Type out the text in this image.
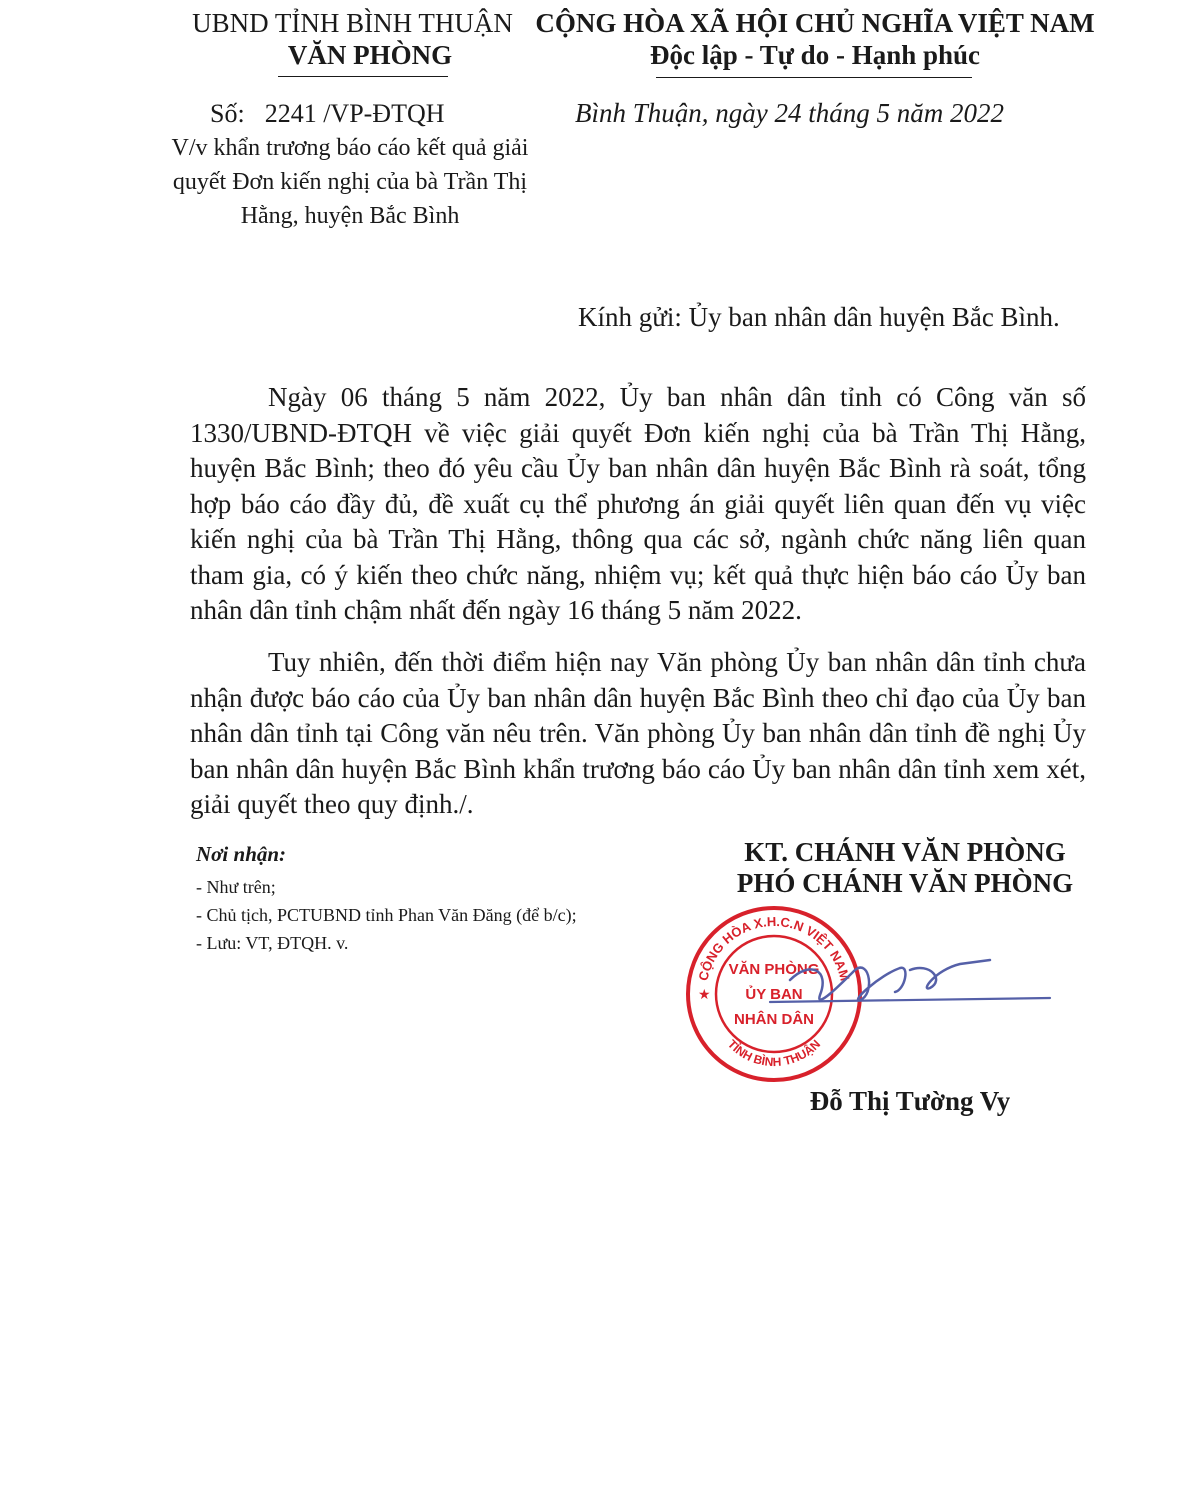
UBND TỈNH BÌNH THUẬN
VĂN PHÒNG
CỘNG HÒA XÃ HỘI CHỦ NGHĨA VIỆT NAM
Độc lập - Tự do - Hạnh phúc
Số: 2241 /VP-ĐTQH
V/v khẩn trương báo cáo kết quả giải quyết Đơn kiến nghị của bà Trần Thị Hằng, huyện Bắc Bình
Bình Thuận, ngày 24 tháng 5 năm 2022
Kính gửi: Ủy ban nhân dân huyện Bắc Bình.
Ngày 06 tháng 5 năm 2022, Ủy ban nhân dân tỉnh có Công văn số 1330/UBND-ĐTQH về việc giải quyết Đơn kiến nghị của bà Trần Thị Hằng, huyện Bắc Bình; theo đó yêu cầu Ủy ban nhân dân huyện Bắc Bình rà soát, tổng hợp báo cáo đầy đủ, đề xuất cụ thể phương án giải quyết liên quan đến vụ việc kiến nghị của bà Trần Thị Hằng, thông qua các sở, ngành chức năng liên quan tham gia, có ý kiến theo chức năng, nhiệm vụ; kết quả thực hiện báo cáo Ủy ban nhân dân tỉnh chậm nhất đến ngày 16 tháng 5 năm 2022.
Tuy nhiên, đến thời điểm hiện nay Văn phòng Ủy ban nhân dân tỉnh chưa nhận được báo cáo của Ủy ban nhân dân huyện Bắc Bình theo chỉ đạo của Ủy ban nhân dân tỉnh tại Công văn nêu trên. Văn phòng Ủy ban nhân dân tỉnh đề nghị Ủy ban nhân dân huyện Bắc Bình khẩn trương báo cáo Ủy ban nhân dân tỉnh xem xét, giải quyết theo quy định./.
Nơi nhận:
- Như trên;
- Chủ tịch, PCTUBND tỉnh Phan Văn Đăng (để b/c);
- Lưu: VT, ĐTQH. v.
KT. CHÁNH VĂN PHÒNG
PHÓ CHÁNH VĂN PHÒNG
CỘNG HÒA X.H.C.N VIỆT NAM
TỈNH BÌNH THUẬN
★
VĂN PHÒNG
ỦY BAN
NHÂN DÂN
Đỗ Thị Tường Vy
